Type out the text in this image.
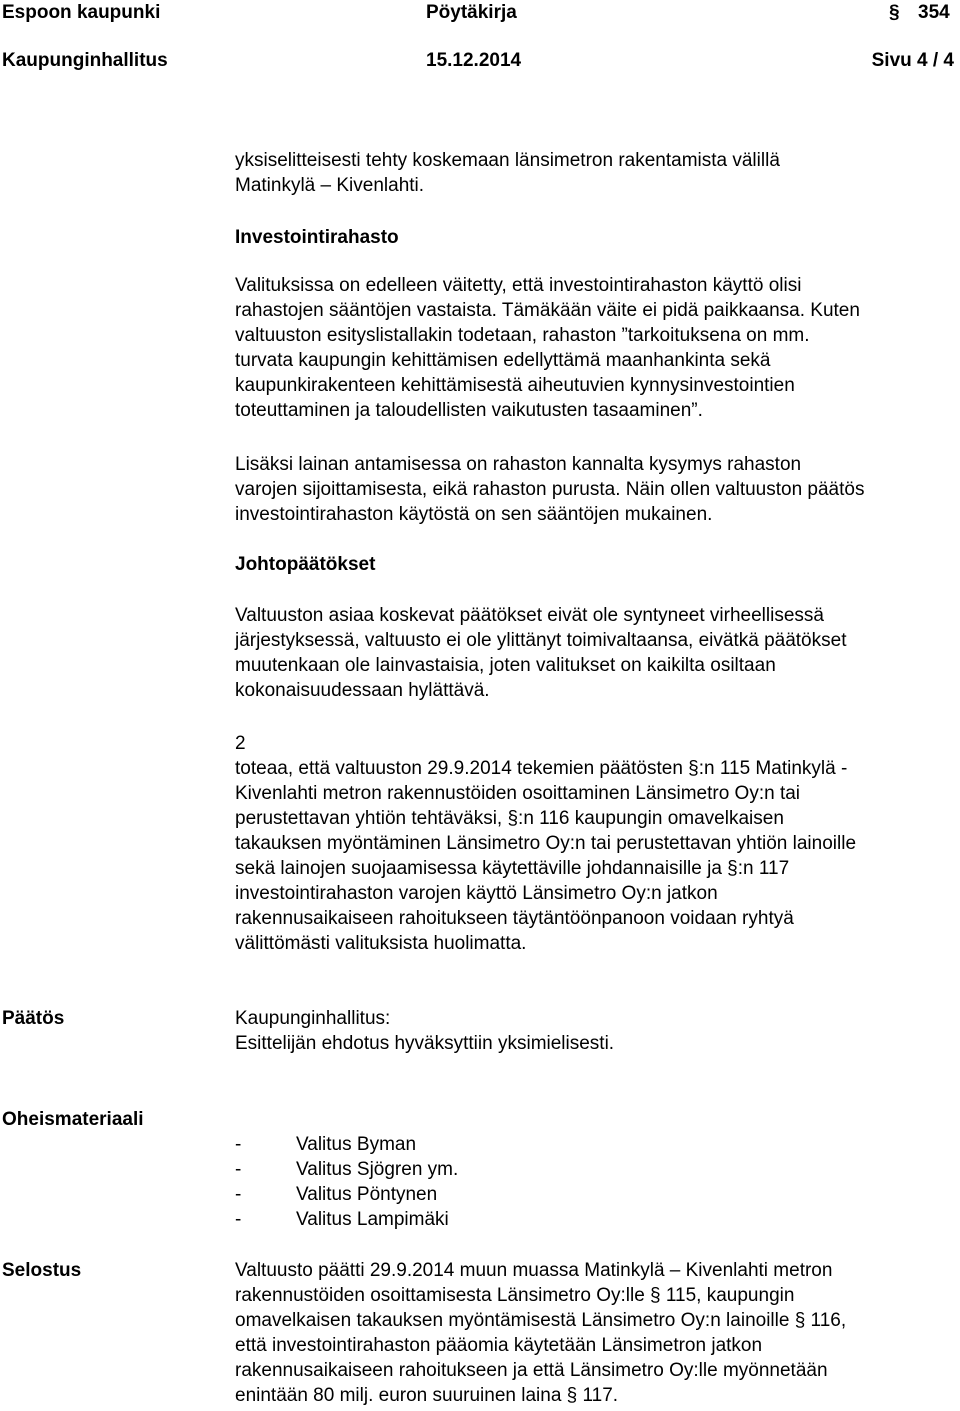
Espoon kaupunki	Pöytäkirja	§ 354
Kaupunginhallitus	15.12.2014	Sivu 4 / 4
yksiselitteisesti tehty koskemaan länsimetron rakentamista välillä
Matinkylä – Kivenlahti.
Investointirahasto
Valituksissa on edelleen väitetty, että investointirahaston käyttö olisi
rahastojen sääntöjen vastaista. Tämäkään väite ei pidä paikkaansa. Kuten
valtuuston esityslistallakin todetaan, rahaston ”tarkoituksena on mm.
turvata kaupungin kehittämisen edellyttämä maanhankinta sekä
kaupunkirakenteen kehittämisestä aiheutuvien kynnysinvestointien
toteuttaminen ja taloudellisten vaikutusten tasaaminen”.
Lisäksi lainan antamisessa on rahaston kannalta kysymys rahaston
varojen sijoittamisesta, eikä rahaston purusta. Näin ollen valtuuston päätös
investointirahaston käytöstä on sen sääntöjen mukainen.
Johtopäätökset
Valtuuston asiaa koskevat päätökset eivät ole syntyneet virheellisessä
järjestyksessä, valtuusto ei ole ylittänyt toimivaltaansa, eivätkä päätökset
muutenkaan ole lainvastaisia, joten valitukset on kaikilta osiltaan
kokonaisuudessaan hylättävä.
2
toteaa, että valtuuston 29.9.2014 tekemien päätösten §:n 115 Matinkylä -
Kivenlahti metron rakennustöiden osoittaminen Länsimetro Oy:n tai
perustettavan yhtiön tehtäväksi, §:n 116 kaupungin omavelkaisen
takauksen myöntäminen Länsimetro Oy:n tai perustettavan yhtiön lainoille
sekä lainojen suojaamisessa käytettäville johdannaisille ja §:n 117
investointirahaston varojen käyttö Länsimetro Oy:n jatkon
rakennusaikaiseen rahoitukseen täytäntöönpanoon voidaan ryhtyä
välittömästi valituksista huolimatta.
Päätös	Kaupunginhallitus:
Esittelijän ehdotus hyväksyttiin yksimielisesti.
Oheismateriaali
-	Valitus Byman
-	Valitus Sjögren ym.
-	Valitus Pöntynen
-	Valitus Lampimäki
Selostus	Valtuusto päätti 29.9.2014 muun muassa Matinkylä – Kivenlahti metron
rakennustöiden osoittamisesta Länsimetro Oy:lle § 115, kaupungin
omavelkaisen takauksen myöntämisestä Länsimetro Oy:n lainoille § 116,
että investointirahaston pääomia käytetään Länsimetron jatkon
rakennusaikaiseen rahoitukseen ja että Länsimetro Oy:lle myönnetään
enintään 80 milj. euron suuruinen laina § 117.
